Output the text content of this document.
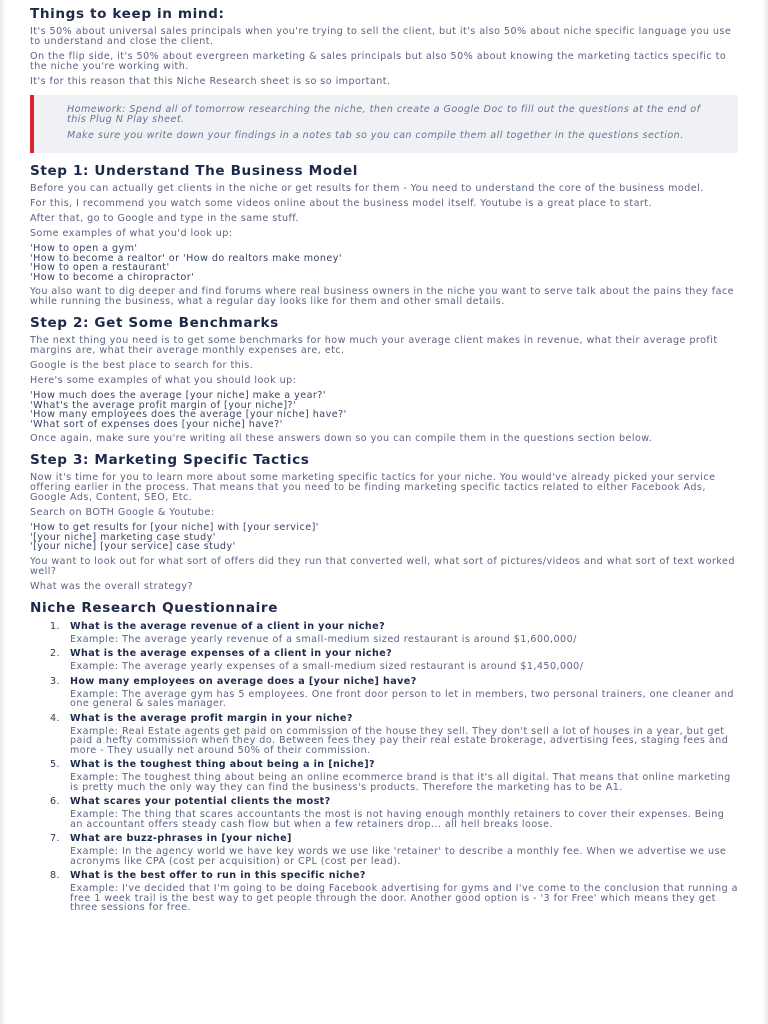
Things to keep in mind:

It's 50% about universal sales principals when you're trying to sell the client, but it's also 50% about niche specific language you use to understand and close the client.

On the flip side, it's 50% about evergreen marketing & sales principals but also 50% about knowing the marketing tactics specific to the niche you're working with.

It's for this reason that this Niche Research sheet is so so important.

Homework: Spend all of tomorrow researching the niche, then create a Google Doc to fill out the questions at the end of this Plug N Play sheet.

Make sure you write down your findings in a notes tab so you can compile them all together in the questions section.

Step 1: Understand The Business Model

Before you can actually get clients in the niche or get results for them - You need to understand the core of the business model.

For this, I recommend you watch some videos online about the business model itself. Youtube is a great place to start.

After that, go to Google and type in the same stuff.

Some examples of what you'd look up:

'How to open a gym'
'How to become a realtor' or 'How do realtors make money'
'How to open a restaurant'
'How to become a chiropractor'

You also want to dig deeper and find forums where real business owners in the niche you want to serve talk about the pains they face while running the business, what a regular day looks like for them and other small details.

Step 2: Get Some Benchmarks

The next thing you need is to get some benchmarks for how much your average client makes in revenue, what their average profit margins are, what their average monthly expenses are, etc.

Google is the best place to search for this.

Here's some examples of what you should look up:

'How much does the average [your niche] make a year?'
'What's the average profit margin of [your niche]?'
'How many employees does the average [your niche] have?'
'What sort of expenses does [your niche] have?'

Once again, make sure you're writing all these answers down so you can compile them in the questions section below.

Step 3: Marketing Specific Tactics

Now it's time for you to learn more about some marketing specific tactics for your niche. You would've already picked your service offering earlier in the process. That means that you need to be finding marketing specific tactics related to either Facebook Ads, Google Ads, Content, SEO, Etc.

Search on BOTH Google & Youtube:

'How to get results for [your niche] with [your service]'
'[your niche] marketing case study'
'[your niche] [your service] case study'

You want to look out for what sort of offers did they run that converted well, what sort of pictures/videos and what sort of text worked well?

What was the overall strategy?

Niche Research Questionnaire
1.	What is the average revenue of a client in your niche?
Example: The average yearly revenue of a small-medium sized restaurant is around $1,600,000/
2.	What is the average expenses of a client in your niche?
Example: The average yearly expenses of a small-medium sized restaurant is around $1,450,000/
3.	How many employees on average does a [your niche] have?
Example: The average gym has 5 employees. One front door person to let in members, two personal trainers, one cleaner and one general & sales manager.
4.	What is the average profit margin in your niche?
Example: Real Estate agents get paid on commission of the house they sell. They don't sell a lot of houses in a year, but get paid a hefty commission when they do. Between fees they pay their real estate brokerage, advertising fees, staging fees and more - They usually net around 50% of their commission.
5.	What is the toughest thing about being a in [niche]?
Example: The toughest thing about being an online ecommerce brand is that it's all digital. That means that online marketing is pretty much the only way they can find the business's products. Therefore the marketing has to be A1.
6.	What scares your potential clients the most?
Example: The thing that scares accountants the most is not having enough monthly retainers to cover their expenses. Being an accountant offers steady cash flow but when a few retainers drop... all hell breaks loose.
7.	What are buzz-phrases in [your niche]
Example: In the agency world we have key words we use like 'retainer' to describe a monthly fee. When we advertise we use acronyms like CPA (cost per acquisition) or CPL (cost per lead).
8.	What is the best offer to run in this specific niche?
Example: I've decided that I'm going to be doing Facebook advertising for gyms and I've come to the conclusion that running a free 1 week trail is the best way to get people through the door. Another good option is - '3 for Free' which means they get three sessions for free.
